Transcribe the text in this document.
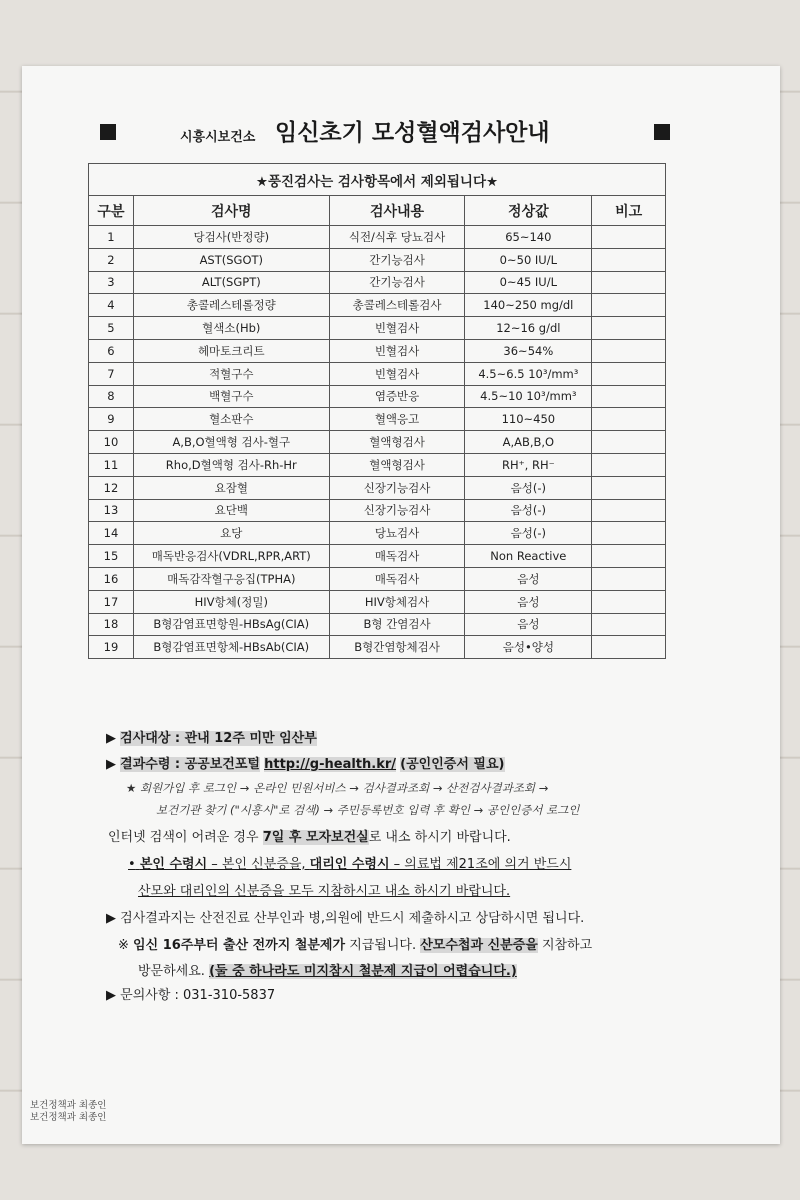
시흥시보건소 임신초기 모성혈액검사안내
★풍진검사는 검사항목에서 제외됩니다★				
구분	검사명	검사내용	정상값	비고
1	당검사(반정량)	식전/식후 당뇨검사	65~140	
2	AST(SGOT)	간기능검사	0~50 IU/L	
3	ALT(SGPT)	간기능검사	0~45 IU/L	
4	총콜레스테롤정량	총콜레스테롤검사	140~250 mg/dl	
5	혈색소(Hb)	빈혈검사	12~16 g/dl	
6	헤마토크리트	빈혈검사	36~54%	
7	적혈구수	빈혈검사	4.5~6.5 10³/mm³	
8	백혈구수	염증반응	4.5~10 10³/mm³	
9	혈소판수	혈액응고	110~450	
10	A,B,O혈액형 검사-혈구	혈액형검사	A,AB,B,O	
11	Rho,D혈액형 검사-Rh-Hr	혈액형검사	RH⁺, RH⁻	
12	요잠혈	신장기능검사	음성(-)	
13	요단백	신장기능검사	음성(-)	
14	요당	당뇨검사	음성(-)	
15	매독반응검사(VDRL,RPR,ART)	매독검사	Non Reactive	
16	매독감작혈구응집(TPHA)	매독검사	음성	
17	HIV항체(정밀)	HIV항체검사	음성	
18	B형감염표면항원-HBsAg(CIA)	B형 간염검사	음성	
19	B형감염표면항체-HBsAb(CIA)	B형간염항체검사	음성•양성	
▶ 검사대상 : 관내 12주 미만 임산부
▶ 결과수령 : 공공보건포털 http://g-health.kr/ (공인인증서 필요)
★ 회원가입 후 로그인 → 온라인 민원서비스 → 검사결과조회 → 산전검사결과조회 →
보건기관 찾기 ("시흥시"로 검색) → 주민등록번호 입력 후 확인 → 공인인증서 로그인
인터넷 검색이 어려운 경우 7일 후 모자보건실로 내소 하시기 바랍니다.
• 본인 수령시 – 본인 신분증을, 대리인 수령시 – 의료법 제21조에 의거 반드시
산모와 대리인의 신분증을 모두 지참하시고 내소 하시기 바랍니다.
▶ 검사결과지는 산전진료 산부인과 병,의원에 반드시 제출하시고 상담하시면 됩니다.
※ 임신 16주부터 출산 전까지 철분제가 지급됩니다. 산모수첩과 신분증을 지참하고
방문하세요. (둘 중 하나라도 미지참시 철분제 지급이 어렵습니다.)
▶ 문의사항 : 031-310-5837
보건정책과 최종인
보건정책과 최종인
